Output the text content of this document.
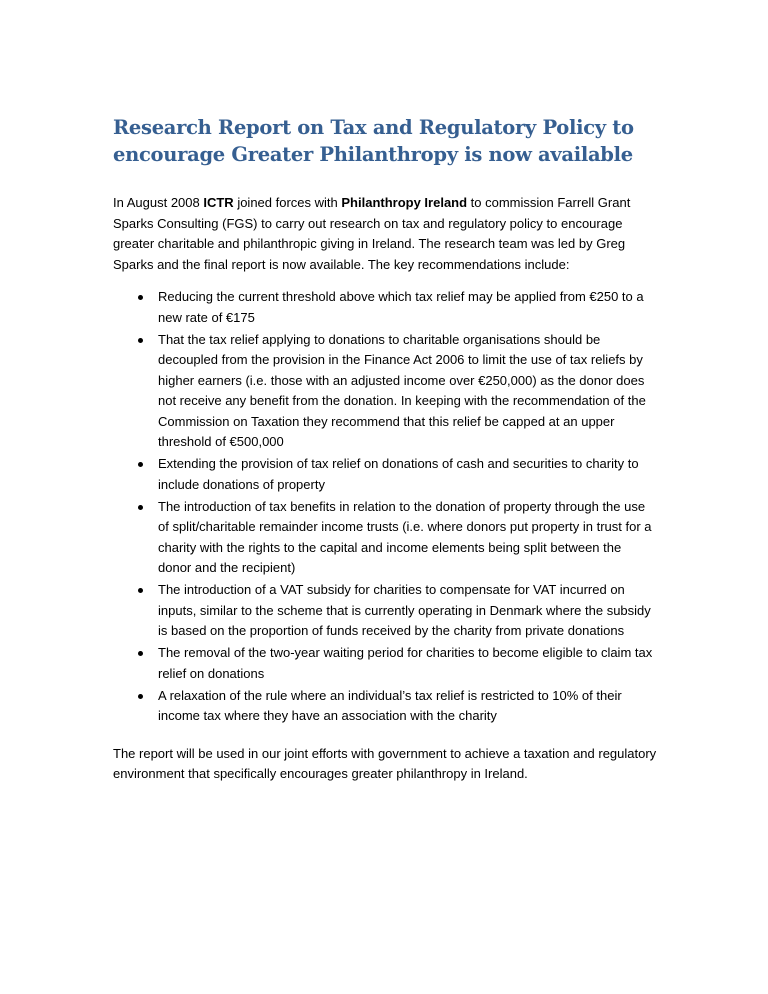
Research Report on Tax and Regulatory Policy to encourage Greater Philanthropy is now available

In August 2008 ICTR joined forces with Philanthropy Ireland to commission Farrell Grant Sparks Consulting (FGS) to carry out research on tax and regulatory policy to encourage greater charitable and philanthropic giving in Ireland. The research team was led by Greg Sparks and the final report is now available. The key recommendations include:

Reducing the current threshold above which tax relief may be applied from €250 to a new rate of €175
That the tax relief applying to donations to charitable organisations should be decoupled from the provision in the Finance Act 2006 to limit the use of tax reliefs by higher earners (i.e. those with an adjusted income over €250,000) as the donor does not receive any benefit from the donation. In keeping with the recommendation of the Commission on Taxation they recommend that this relief be capped at an upper threshold of €500,000
Extending the provision of tax relief on donations of cash and securities to charity to include donations of property
The introduction of tax benefits in relation to the donation of property through the use of split/charitable remainder income trusts (i.e. where donors put property in trust for a charity with the rights to the capital and income elements being split between the donor and the recipient)
The introduction of a VAT subsidy for charities to compensate for VAT incurred on inputs, similar to the scheme that is currently operating in Denmark where the subsidy is based on the proportion of funds received by the charity from private donations
The removal of the two-year waiting period for charities to become eligible to claim tax relief on donations
A relaxation of the rule where an individual’s tax relief is restricted to 10% of their income tax where they have an association with the charity

The report will be used in our joint efforts with government to achieve a taxation and regulatory environment that specifically encourages greater philanthropy in Ireland.
